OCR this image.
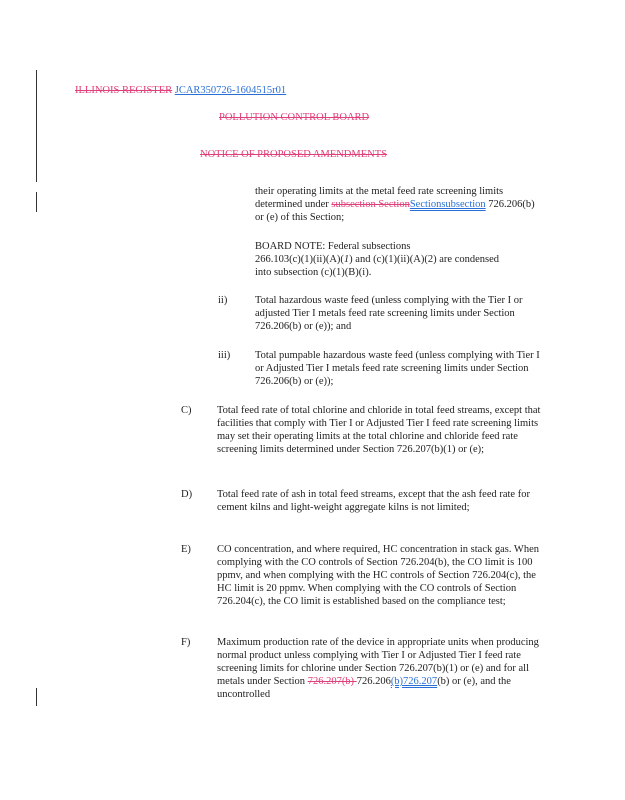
ILLINOIS REGISTER JCAR350726-1604515r01
POLLUTION CONTROL BOARD
NOTICE OF PROPOSED AMENDMENTS
their operating limits at the metal feed rate screening limits determined under subsection SectionSectionsubsection 726.206(b) or (e) of this Section;
BOARD NOTE: Federal subsections
266.103(c)(1)(ii)(A)(1) and (c)(1)(ii)(A)(2) are condensed
into subsection (c)(1)(B)(i).
ii)	Total hazardous waste feed (unless complying with the Tier I or adjusted Tier I metals feed rate screening limits under Section 726.206(b) or (e)); and
iii) Total pumpable hazardous waste feed (unless complying with Tier I or Adjusted Tier I metals feed rate screening limits under Section 726.206(b) or (e));
C) Total feed rate of total chlorine and chloride in total feed streams, except that facilities that comply with Tier I or Adjusted Tier I feed rate screening limits may set their operating limits at the total chlorine and chloride feed rate screening limits determined under Section 726.207(b)(1) or (e);
D) Total feed rate of ash in total feed streams, except that the ash feed rate for cement kilns and light-weight aggregate kilns is not limited;
E) CO concentration, and where required, HC concentration in stack gas. When complying with the CO controls of Section 726.204(b), the CO limit is 100 ppmv, and when complying with the HC controls of Section 726.204(c), the HC limit is 20 ppmv. When complying with the CO controls of Section 726.204(c), the CO limit is established based on the compliance test;
F)	Maximum production rate of the device in appropriate units when producing normal product unless complying with Tier I or Adjusted Tier I feed rate screening limits for chlorine under Section 726.207(b)(1) or (e) and for all metals under Section 726.207(b) 726.206(b)726.207(b) or (e), and the uncontrolled
